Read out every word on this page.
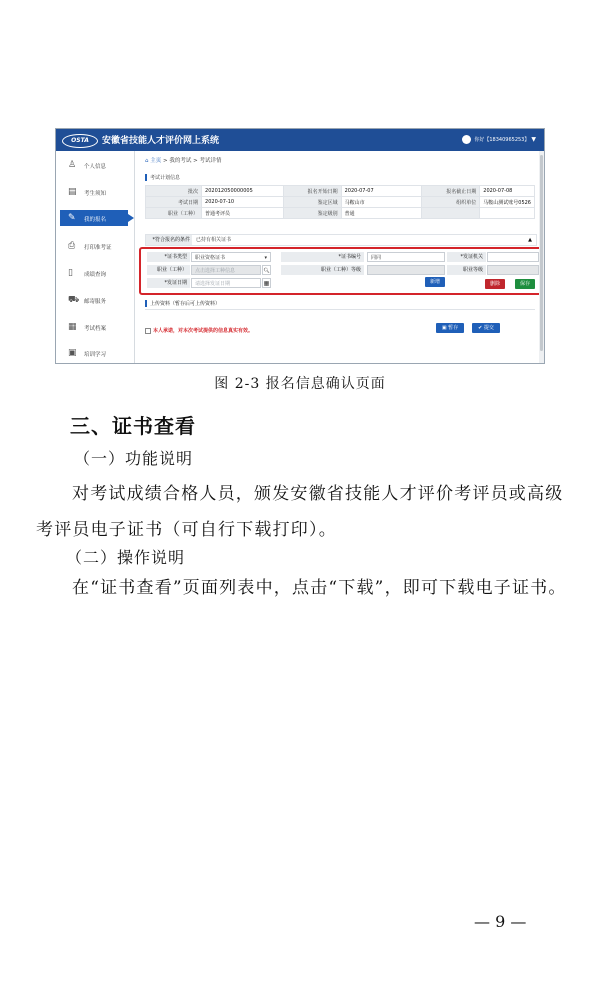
OSTA	安徽省技能人才评价网上系统	你好【18340965253】 ▼
♙ 个人信息
▤ 考生须知
✎ 我的报名
⎙ 打印准考证
▯ 成绩查询
⛟ 邮寄服务
▦ 考试档案
▣ 培训学习
⌂ 主页 > 我的考试 > 考试详情
考试计划信息
批次	202012050000005	报名开始日期	2020-07-07	报名截止日期	2020-07-08
考试日期	2020-07-10	鉴定区域	马鞍山市	组织单位	马鞍山测试账号0526
职业（工种）	普通考评员	鉴定级别	普通		
*符合报名的条件	已持有相关证书	▲
*证书类型	职业资格证书	▾	*证书编号	同同	*发证机关
职业（工种）	点击选择工种信息	🔍︎	职业（工种）等级	职业等级
*发证日期	请选择发证日期	▦	新增	删除	保存
上传资料（暂存后可上传资料）
本人承诺，对本次考试提供的信息真实有效。	▣ 暂存	✔ 提交
图 2-3 报名信息确认页面
三、证书查看
（一）功能说明
对考试成绩合格人员，颁发安徽省技能人才评价考评员或高级考评员电子证书（可自行下载打印）。
（二）操作说明
在“证书查看”页面列表中，点击“下载”，即可下载电子证书。
— 9 —
